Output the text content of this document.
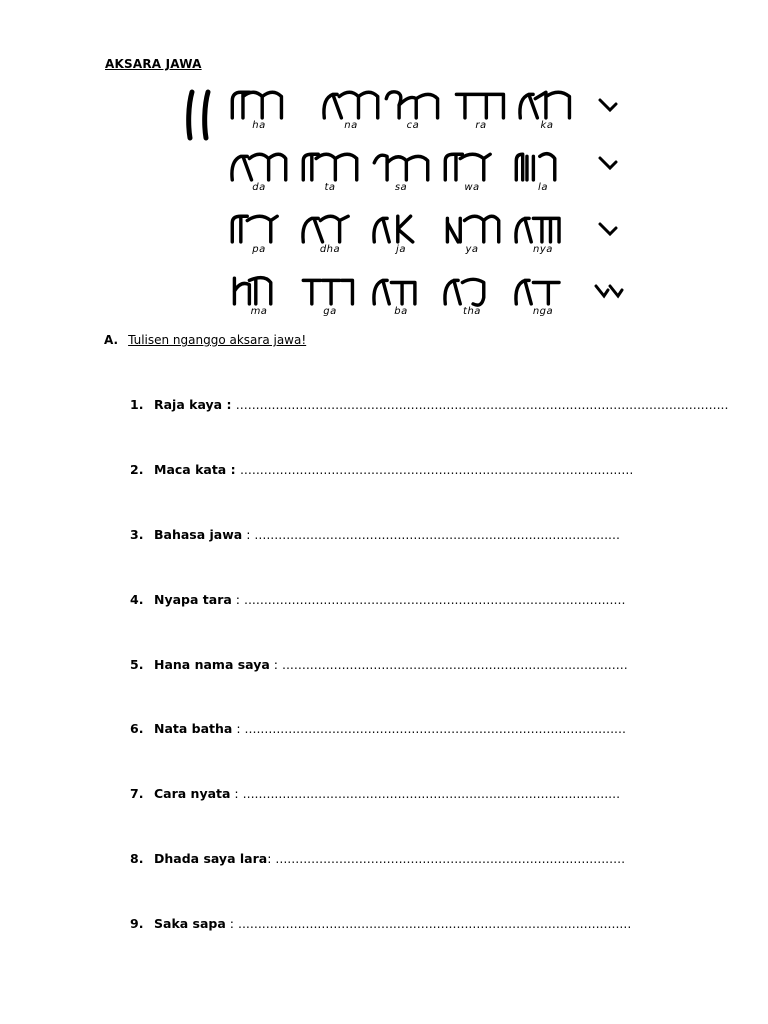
AKSARA JAWA
ha	na	ca	ra	ka
da	ta	sa	wa	la
pa	dha	ja	ya	nya
ma	ga	ba	tha	nga
A. Tulisen nganggo aksara jawa!
1. Raja kaya : ............................................................................................................................
2. Maca kata : ...................................................................................................
3. Bahasa jawa : ............................................................................................
4. Nyapa tara : ................................................................................................
5. Hana nama saya : .......................................................................................
6. Nata batha : ................................................................................................
7. Cara nyata : ...............................................................................................
8. Dhada saya lara: ........................................................................................
9. Saka sapa : ...................................................................................................
